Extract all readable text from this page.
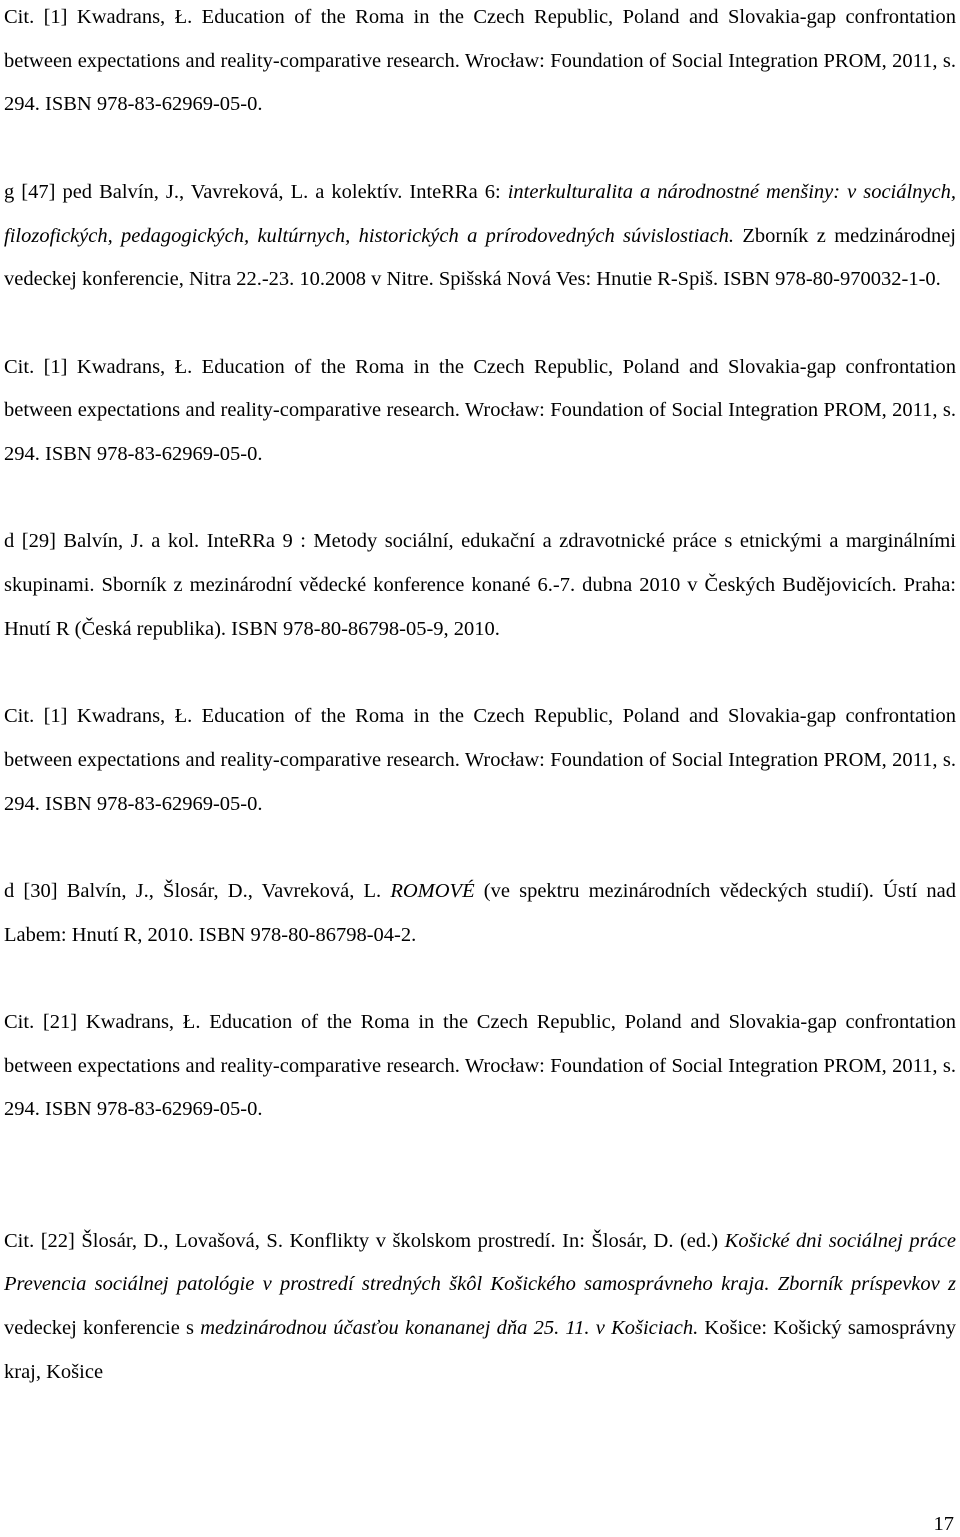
Cit. [1] Kwadrans, Ł. Education of the Roma in the Czech Republic, Poland and Slovakia-gap confrontation between expectations and reality-comparative research. Wrocław: Foundation of Social Integration PROM, 2011, s. 294. ISBN 978-83-62969-05-0.

g [47] ped Balvín, J., Vavreková, L. a kolektív. InteRRa 6: interkulturalita a národnostné menšiny: v sociálnych, filozofických, pedagogických, kultúrnych, historických a prírodovedných súvislostiach. Zborník z medzinárodnej vedeckej konferencie, Nitra 22.-23. 10.2008 v Nitre. Spišská Nová Ves: Hnutie R-Spiš. ISBN 978-80-970032-1-0.

Cit. [1] Kwadrans, Ł. Education of the Roma in the Czech Republic, Poland and Slovakia-gap confrontation between expectations and reality-comparative research. Wrocław: Foundation of Social Integration PROM, 2011, s. 294. ISBN 978-83-62969-05-0.

d [29] Balvín, J. a kol. InteRRa 9 : Metody sociální, edukační a zdravotnické práce s etnickými a marginálními skupinami. Sborník z mezinárodní vědecké konference konané 6.-7. dubna 2010 v Českých Budějovicích. Praha: Hnutí R (Česká republika). ISBN 978-80-86798-05-9, 2010.

Cit. [1] Kwadrans, Ł. Education of the Roma in the Czech Republic, Poland and Slovakia-gap confrontation between expectations and reality-comparative research. Wrocław: Foundation of Social Integration PROM, 2011, s. 294. ISBN 978-83-62969-05-0.

d [30] Balvín, J., Šlosár, D., Vavreková, L. ROMOVÉ (ve spektru mezinárodních vědeckých studií). Ústí nad Labem: Hnutí R, 2010. ISBN 978-80-86798-04-2.

Cit. [21] Kwadrans, Ł. Education of the Roma in the Czech Republic, Poland and Slovakia-gap confrontation between expectations and reality-comparative research. Wrocław: Foundation of Social Integration PROM, 2011, s. 294. ISBN 978-83-62969-05-0.

Cit. [22] Šlosár, D., Lovašová, S. Konflikty v školskom prostredí. In: Šlosár, D. (ed.) Košické dni sociálnej práce Prevencia sociálnej patológie v prostredí stredných škôl Košického samosprávneho kraja. Zborník príspevkov z vedeckej konferencie s medzinárodnou účasťou konananej dňa 25. 11. v Košiciach. Košice: Košický samosprávny kraj, Košice

17
